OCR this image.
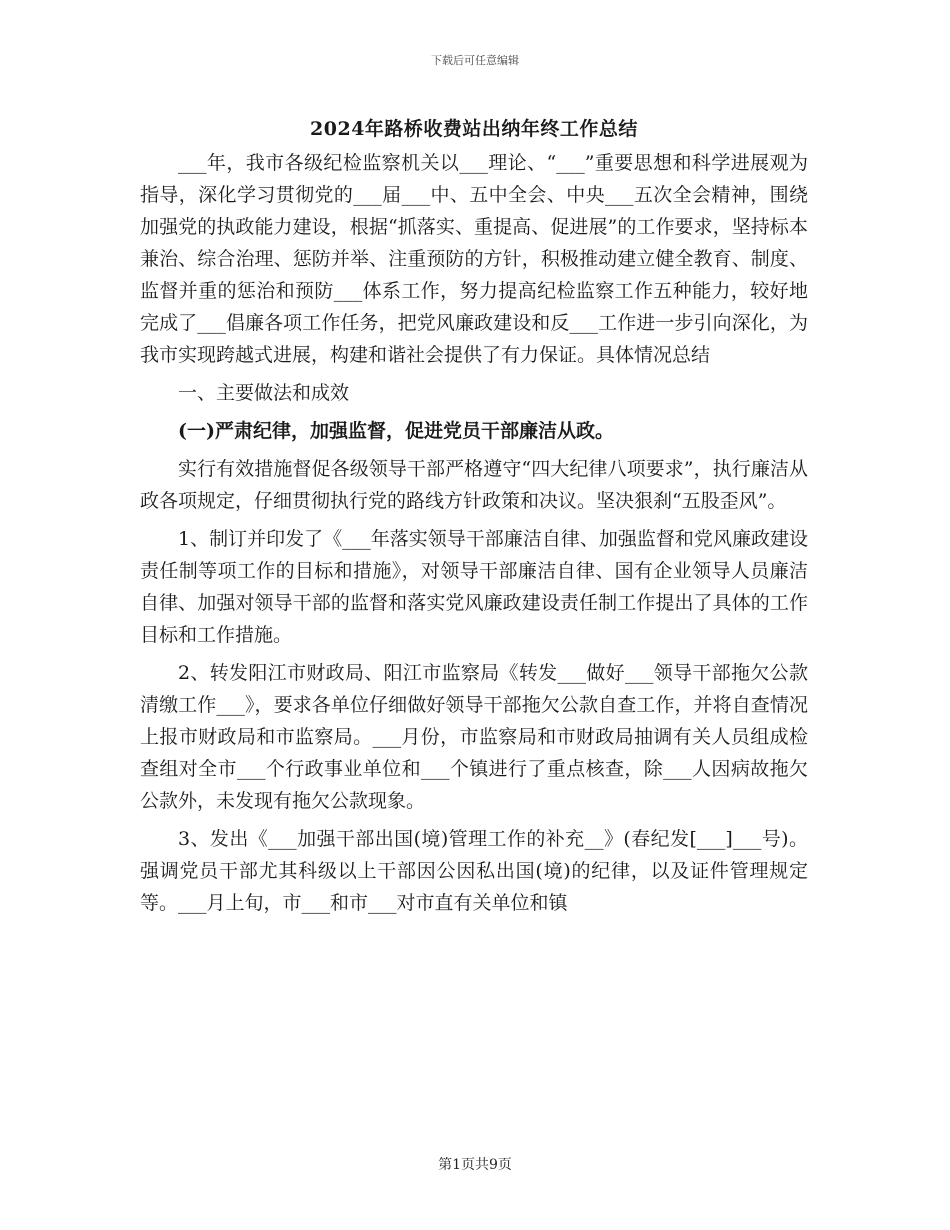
下载后可任意编辑
2024年路桥收费站出纳年终工作总结

___年，我市各级纪检监察机关以___理论、“___”重要思想和科学进展观为指导，深化学习贯彻党的___届___中、五中全会、中央___五次全会精神，围绕加强党的执政能力建设，根据“抓落实、重提高、促进展”的工作要求，坚持标本兼治、综合治理、惩防并举、注重预防的方针，积极推动建立健全教育、制度、监督并重的惩治和预防___体系工作，努力提高纪检监察工作五种能力，较好地完成了___倡廉各项工作任务，把党风廉政建设和反___工作进一步引向深化，为我市实现跨越式进展，构建和谐社会提供了有力保证。具体情况总结

一、主要做法和成效

(一)严肃纪律，加强监督，促进党员干部廉洁从政。

实行有效措施督促各级领导干部严格遵守“四大纪律八项要求”，执行廉洁从政各项规定，仔细贯彻执行党的路线方针政策和决议。坚决狠刹“五股歪风”。

1、制订并印发了《___年落实领导干部廉洁自律、加强监督和党风廉政建设责任制等项工作的目标和措施》，对领导干部廉洁自律、国有企业领导人员廉洁自律、加强对领导干部的监督和落实党风廉政建设责任制工作提出了具体的工作目标和工作措施。

2、转发阳江市财政局、阳江市监察局《转发___做好___领导干部拖欠公款清缴工作___》，要求各单位仔细做好领导干部拖欠公款自查工作，并将自查情况上报市财政局和市监察局。___月份，市监察局和市财政局抽调有关人员组成检查组对全市___个行政事业单位和___个镇进行了重点核查，除___人因病故拖欠公款外，未发现有拖欠公款现象。

3、发出《___加强干部出国(境)管理工作的补充__》(春纪发[___]___号)。强调党员干部尤其科级以上干部因公因私出国(境)的纪律，以及证件管理规定等。___月上旬，市___和市___对市直有关单位和镇

第1页共9页
